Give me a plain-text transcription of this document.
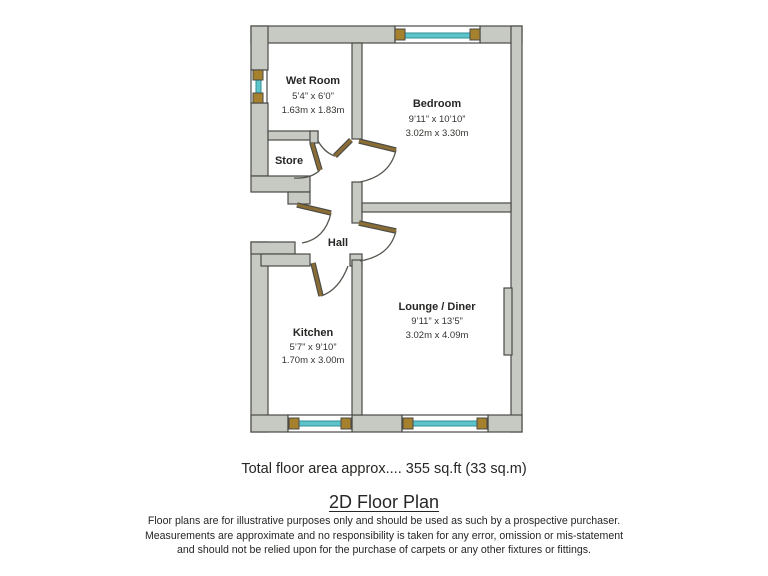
Wet Room
5’4” x 6’0”
1.63m x 1.83m
Bedroom
9’11” x 10’10”
3.02m x 3.30m
Store
Hall
Kitchen
5’7” x 9’10”
1.70m x 3.00m
Lounge / Diner
9’11” x 13’5”
3.02m x 4.09m
Total floor area approx.... 355 sq.ft (33 sq.m)
2D Floor Plan
Floor plans are for illustrative purposes only and should be used as such by a prospective purchaser.
Measurements are approximate and no responsibility is taken for any error, omission or mis-statement
and should not be relied upon for the purchase of carpets or any other fixtures or fittings.
